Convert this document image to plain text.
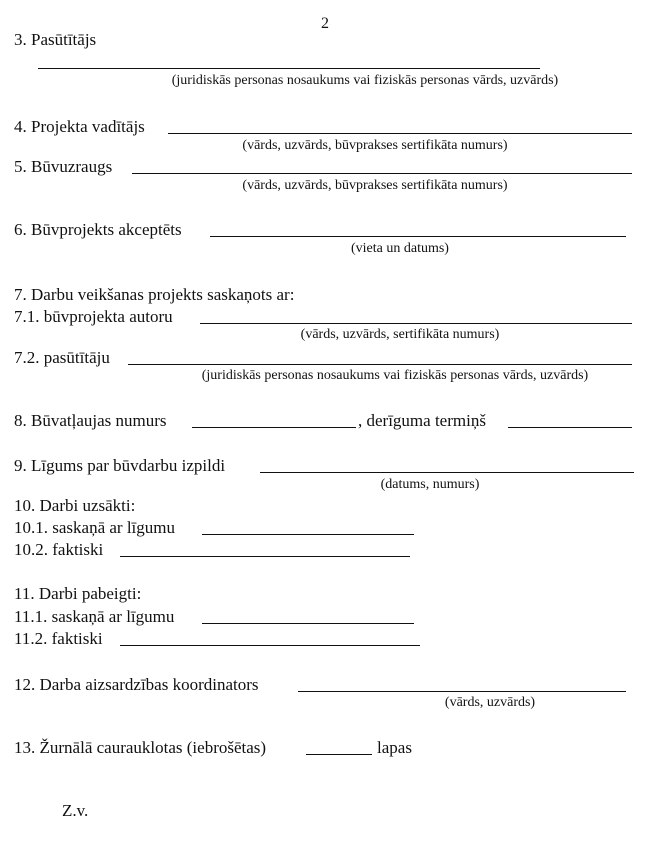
2
3. Pasūtītājs
(juridiskās personas nosaukums vai fiziskās personas vārds, uzvārds)
4. Projekta vadītājs
(vārds, uzvārds, būvprakses sertifikāta numurs)
5. Būvuzraugs
(vārds, uzvārds, būvprakses sertifikāta numurs)
6. Būvprojekts akceptēts
(vieta un datums)
7. Darbu veikšanas projekts saskaņots ar:
7.1. būvprojekta autoru
(vārds, uzvārds, sertifikāta numurs)
7.2. pasūtītāju
(juridiskās personas nosaukums vai fiziskās personas vārds, uzvārds)
8. Būvatļaujas numurs	, derīguma termiņš
9. Līgums par būvdarbu izpildi
(datums, numurs)
10. Darbi uzsākti:
10.1. saskaņā ar līgumu
10.2. faktiski
11. Darbi pabeigti:
11.1. saskaņā ar līgumu
11.2. faktiski
12. Darba aizsardzības koordinators
(vārds, uzvārds)
13. Žurnālā caurauklotas (iebrošētas)	lapas
Z.v.
